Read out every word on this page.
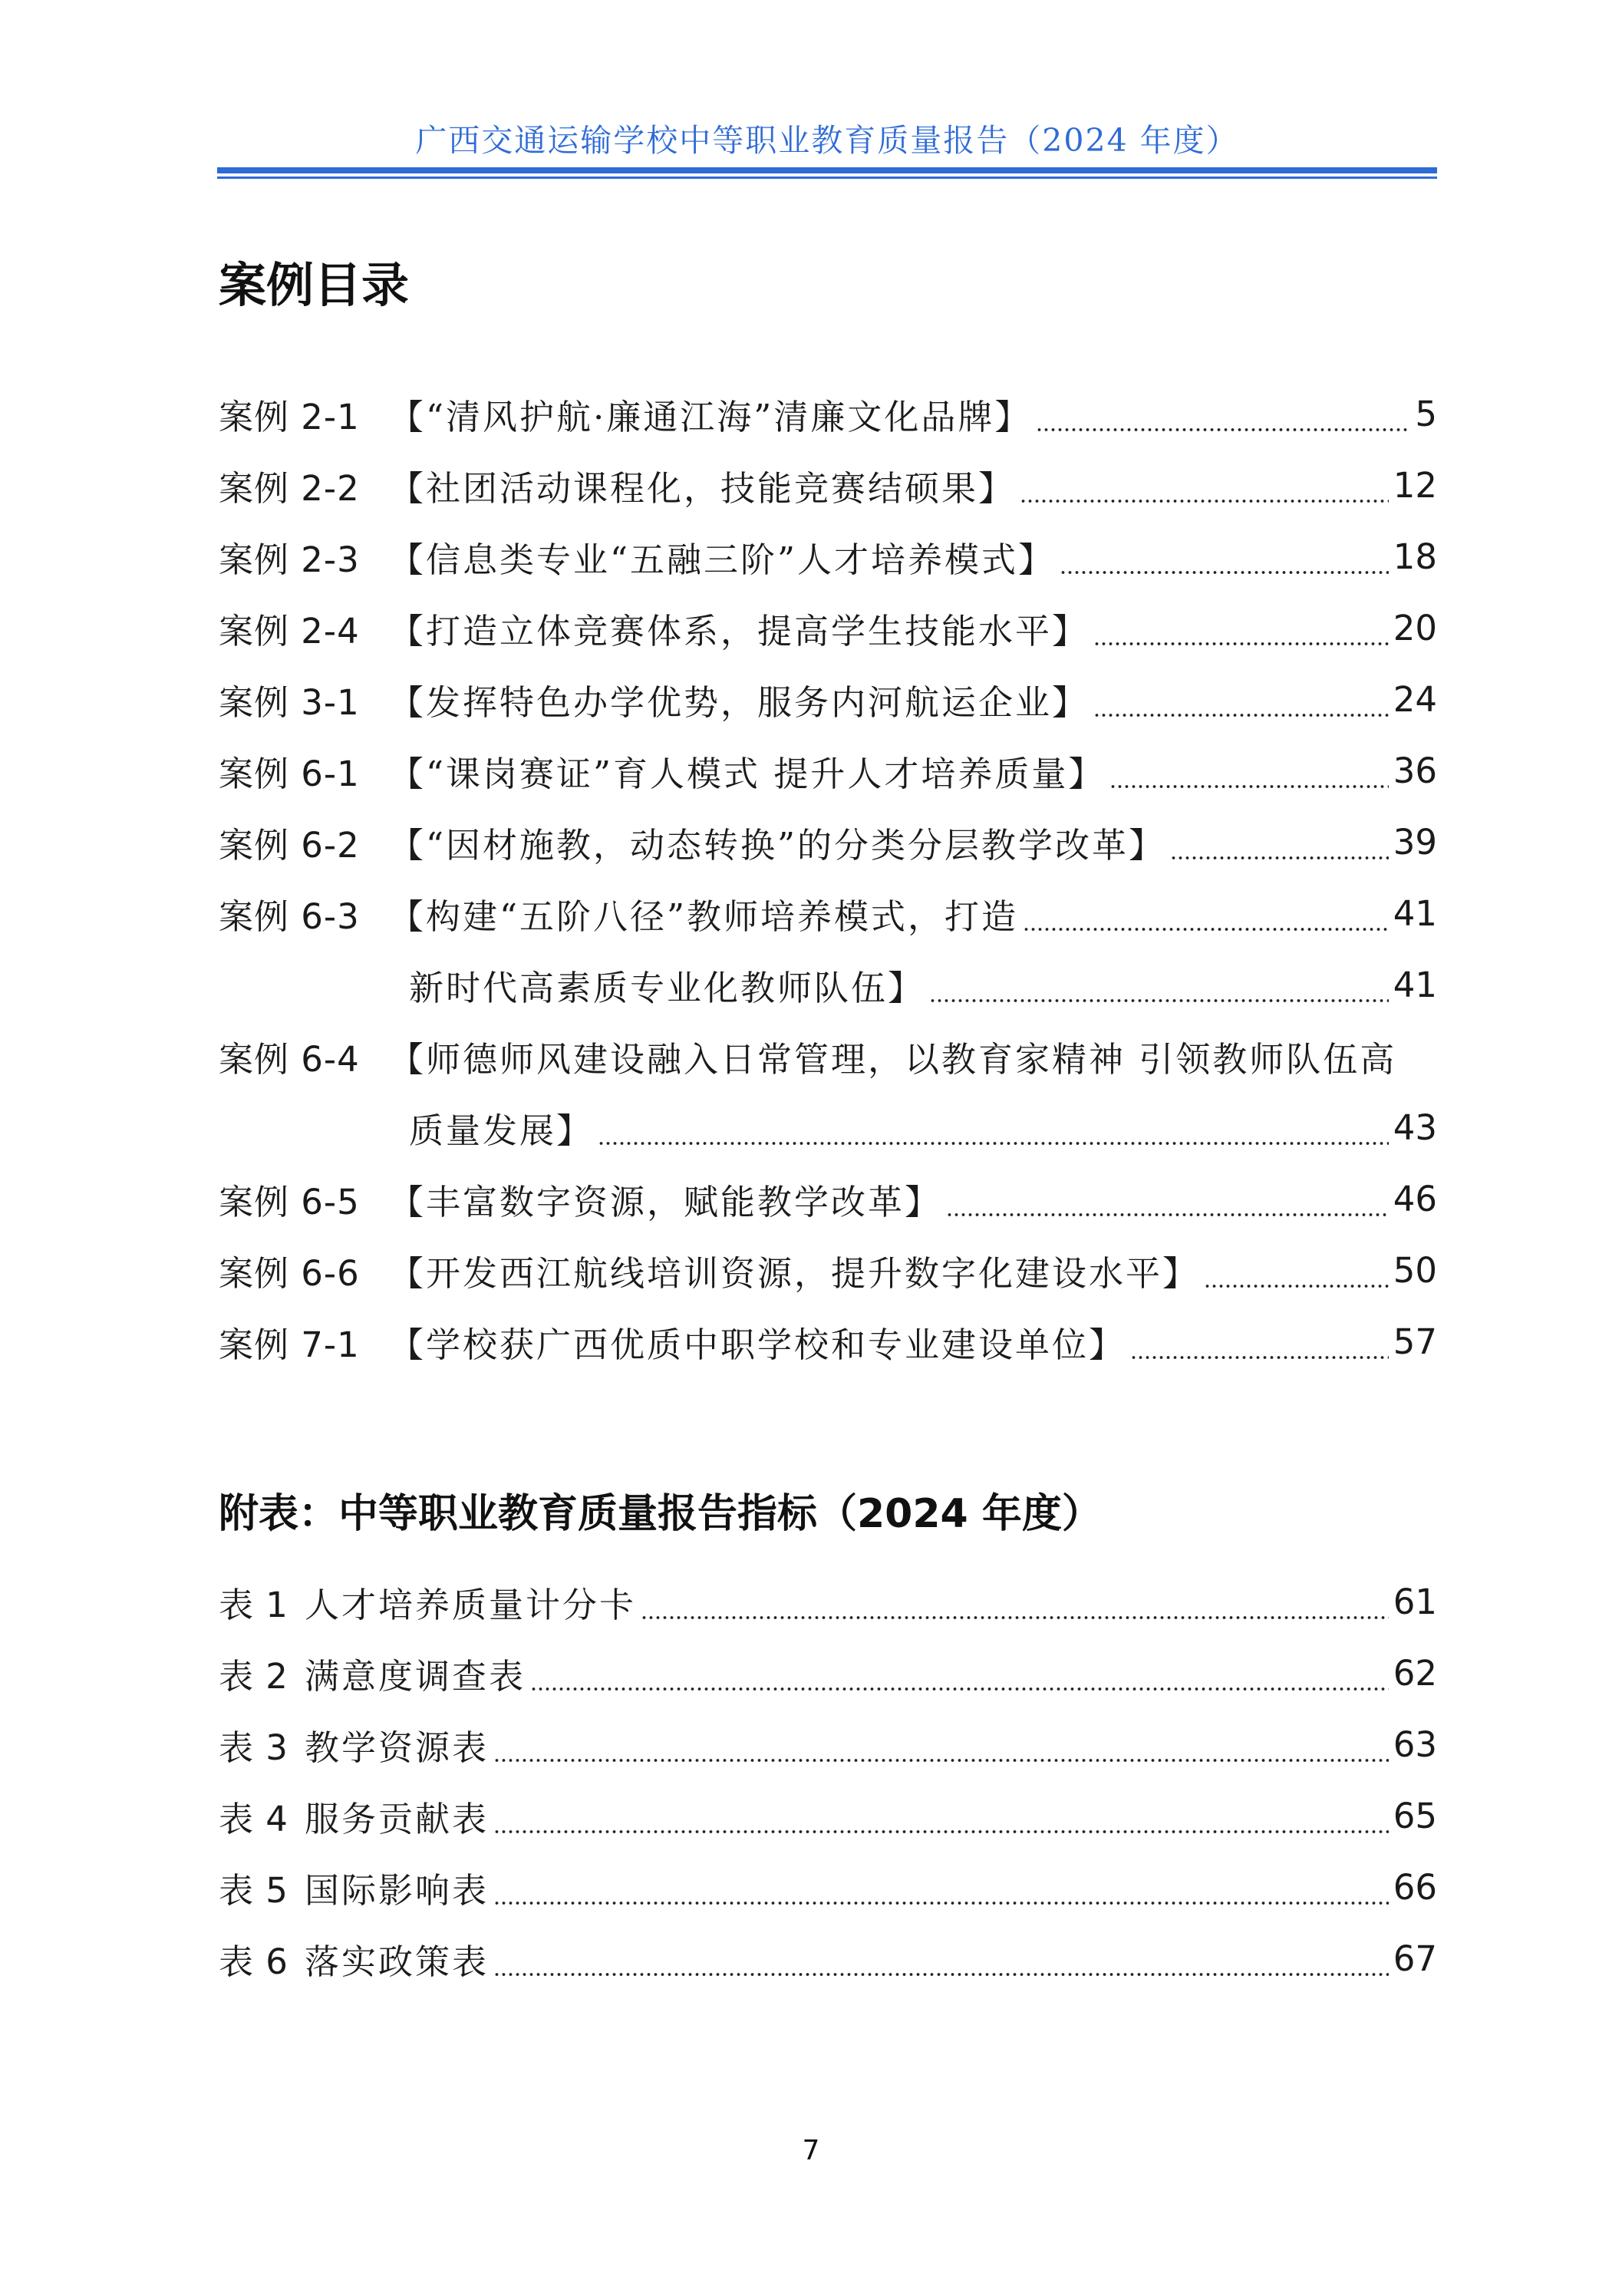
广西交通运输学校中等职业教育质量报告（2024 年度）
案例目录
案例 2-1 【“清风护航·廉通江海”清廉文化品牌】	5
案例 2-2 【社团活动课程化，技能竞赛结硕果】	12
案例 2-3 【信息类专业“五融三阶”人才培养模式】	18
案例 2-4 【打造立体竞赛体系，提高学生技能水平】	20
案例 3-1 【发挥特色办学优势，服务内河航运企业】	24
案例 6-1 【“课岗赛证”育人模式 提升人才培养质量】	36
案例 6-2 【“因材施教，动态转换”的分类分层教学改革】	39
案例 6-3 【构建“五阶八径”教师培养模式，打造	41
新时代高素质专业化教师队伍】	41
案例 6-4 【师德师风建设融入日常管理，以教育家精神 引领教师队伍高
质量发展】	43
案例 6-5 【丰富数字资源，赋能教学改革】	46
案例 6-6 【开发西江航线培训资源，提升数字化建设水平】	50
案例 7-1 【学校获广西优质中职学校和专业建设单位】	57
附表：中等职业教育质量报告指标（2024 年度）
表 1 人才培养质量计分卡	61
表 2 满意度调查表	62
表 3 教学资源表	63
表 4 服务贡献表	65
表 5 国际影响表	66
表 6 落实政策表	67
7
